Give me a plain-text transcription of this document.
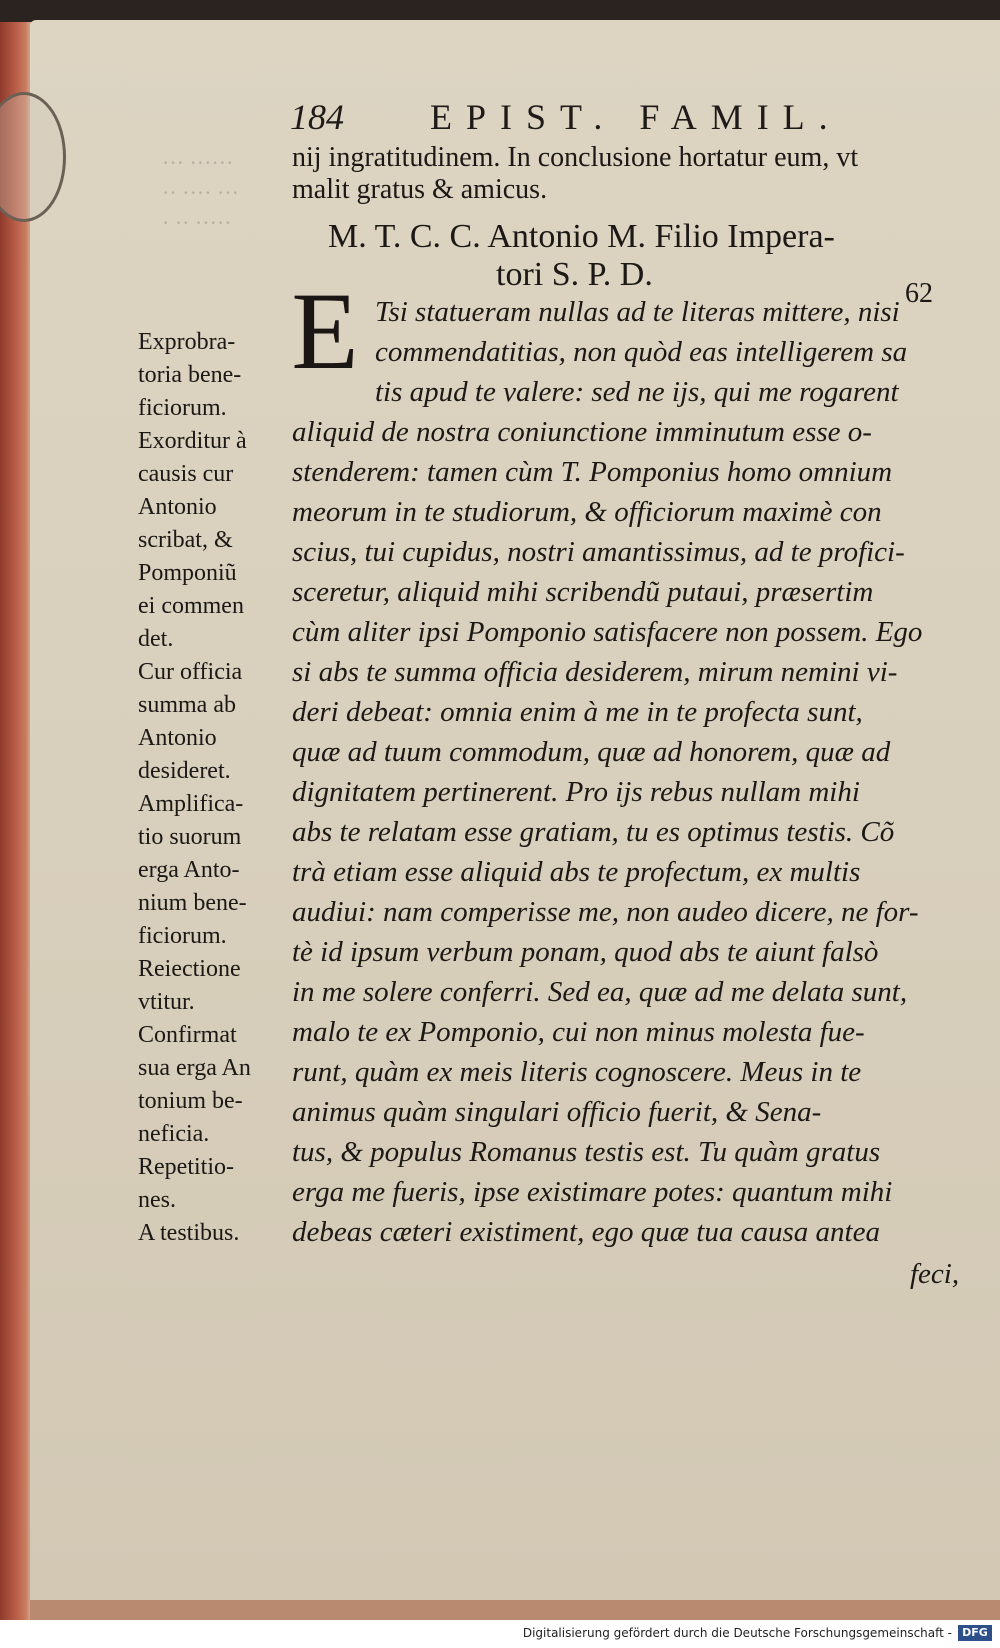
··· ······
·· ···· ···
· ·· ·····
184 EPIST. FAMIL.
62
nij ingratitudinem. In conclusione hortatur eum, vt
malit gratus & amicus.
M. T. C. C. Antonio M. Filio Impera-
tori S. P. D.
E Tsi statueram nullas ad te literas mittere, nisi
commendatitias, non quòd eas intelligerem sa
tis apud te valere: sed ne ijs, qui me rogarent
aliquid de nostra coniunctione imminutum esse o-
stenderem: tamen cùm T. Pomponius homo omnium
meorum in te studiorum, & officiorum maximè con
scius, tui cupidus, nostri amantissimus, ad te profici-
sceretur, aliquid mihi scribendũ putaui, præsertim
cùm aliter ipsi Pomponio satisfacere non possem. Ego
si abs te summa officia desiderem, mirum nemini vi-
deri debeat: omnia enim à me in te profecta sunt,
quæ ad tuum commodum, quæ ad honorem, quæ ad
dignitatem pertinerent. Pro ijs rebus nullam mihi
abs te relatam esse gratiam, tu es optimus testis. Cõ
trà etiam esse aliquid abs te profectum, ex multis
audiui: nam comperisse me, non audeo dicere, ne for-
tè id ipsum verbum ponam, quod abs te aiunt falsò
in me solere conferri. Sed ea, quæ ad me delata sunt,
malo te ex Pomponio, cui non minus molesta fue-
runt, quàm ex meis literis cognoscere. Meus in te
animus quàm singulari officio fuerit, & Sena-
tus, & populus Romanus testis est. Tu quàm gratus
erga me fueris, ipse existimare potes: quantum mihi
debeas cæteri existiment, ego quæ tua causa antea
feci,
Exprobra-
toria bene-
ficiorum.
Exorditur à
causis cur
Antonio
scribat, &
Pomponiũ
ei commen
det.
Cur officia
summa ab
Antonio
desideret.
Amplifica-
tio suorum
erga Anto-
nium bene-
ficiorum.
Reiectione
vtitur.
Confirmat
sua erga An
tonium be-
neficia.
Repetitio-
nes.
A testibus.
Digitalisierung gefördert durch die Deutsche Forschungsgemeinschaft - DFG
